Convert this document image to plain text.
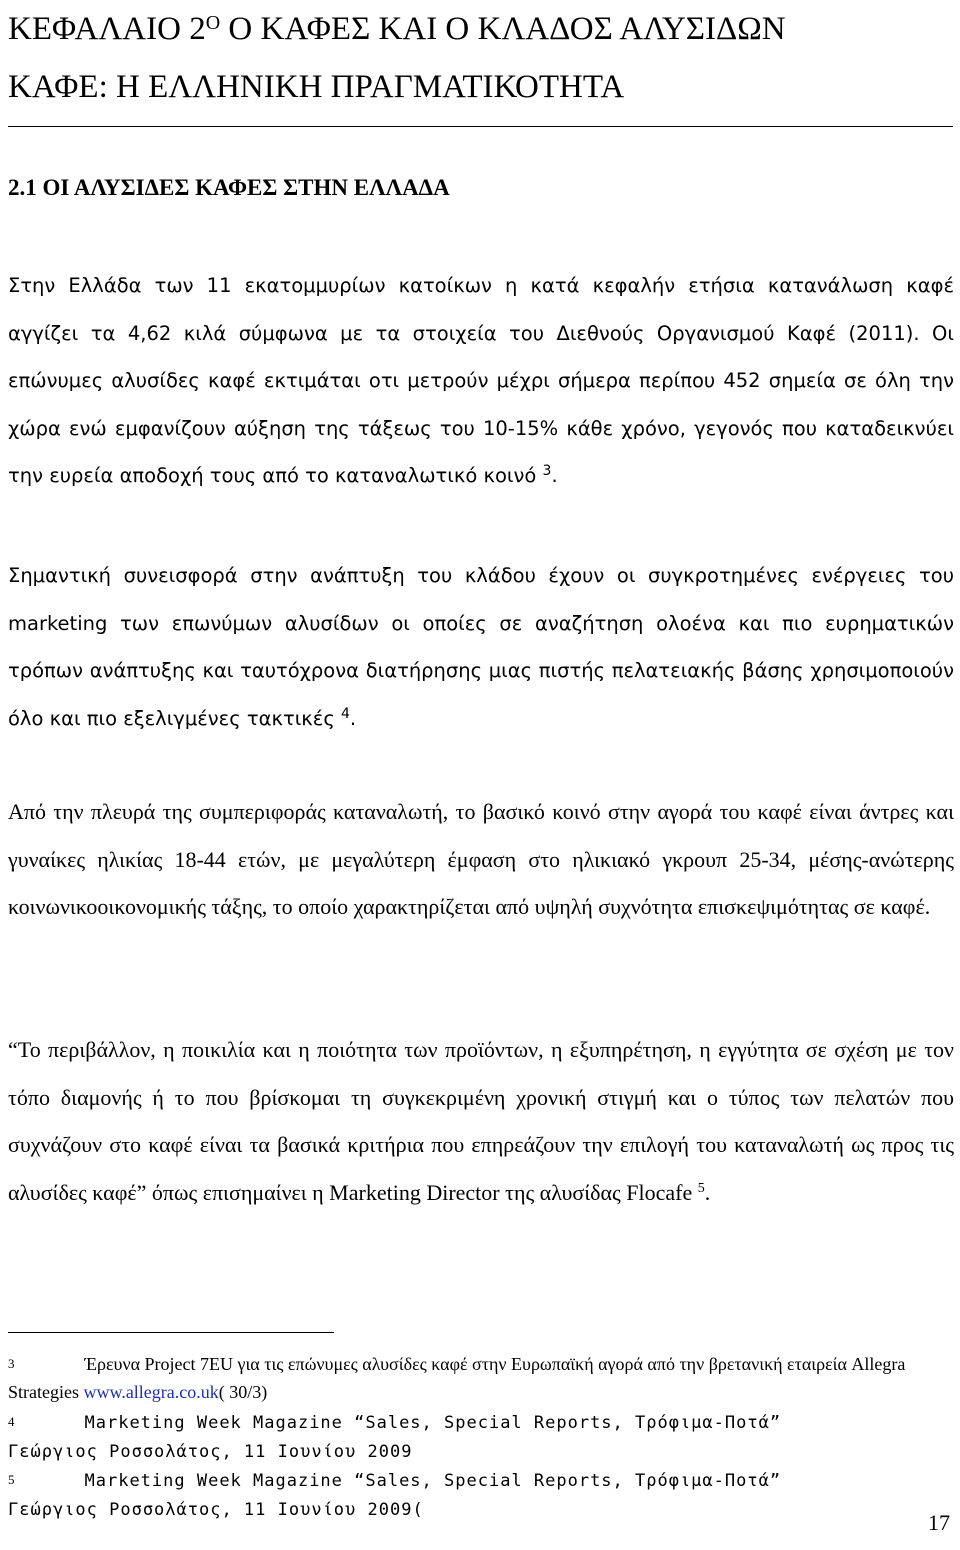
ΚΕΦΑΛΑΙΟ $2^O$ Ο ΚΑΦΕΣ ΚΑΙ Ο ΚΛΑΔΟΣ ΑΛΥΣΙΔΩΝ
ΚΑΦΕ: Η ΕΛΛΗΝΙΚΗ ΠΡΑΓΜΑΤΙΚΟΤΗΤΑ
2.1 ΟΙ ΑΛΥΣΙΔΕΣ ΚΑΦΕΣ ΣΤΗΝ ΕΛΛΑΔΑ

Στην Ελλάδα των 11 εκατομμυρίων κατοίκων η κατά κεφαλήν ετήσια κατανάλωση καφέ αγγίζει τα 4,62 κιλά σύμφωνα με τα στοιχεία του Διεθνούς Οργανισμού Καφέ (2011). Οι επώνυμες αλυσίδες καφέ εκτιμάται οτι μετρούν μέχρι σήμερα περίπου 452 σημεία σε όλη την χώρα ενώ εμφανίζουν αύξηση της τάξεως του 10-15% κάθε χρόνο, γεγονός που καταδεικνύει την ευρεία αποδοχή τους από το καταναλωτικό κοινό $^3$.

Σημαντική συνεισφορά στην ανάπτυξη του κλάδου έχουν οι συγκροτημένες ενέργειες του marketing των επωνύμων αλυσίδων οι οποίες σε αναζήτηση ολοένα και πιο ευρηματικών τρόπων ανάπτυξης και ταυτόχρονα διατήρησης μιας πιστής πελατειακής βάσης χρησιμοποιούν όλο και πιο εξελιγμένες τακτικές $^4$.

Από την πλευρά της συμπεριφοράς καταναλωτή, το βασικό κοινό στην αγορά του καφέ είναι άντρες και γυναίκες ηλικίας 18-44 ετών, με μεγαλύτερη έμφαση στο ηλικιακό γκρουπ 25-34, μέσης-ανώτερης κοινωνικοοικονομικής τάξης, το οποίο χαρακτηρίζεται από υψηλή συχνότητα επισκεψιμότητας σε καφέ.

“Το περιβάλλον, η ποικιλία και η ποιότητα των προϊόντων, η εξυπηρέτηση, η εγγύτητα σε σχέση με τον τόπο διαμονής ή το που βρίσκομαι τη συγκεκριμένη χρονική στιγμή και ο τύπος των πελατών που συχνάζουν στο καφέ είναι τα βασικά κριτήρια που επηρεάζουν την επιλογή του καταναλωτή ως προς τις αλυσίδες καφέ” όπως επισημαίνει η Marketing Director της αλυσίδας Flocafe $^5$.

$^3$	Έρευνα Project 7EU για τις επώνυμες αλυσίδες καφέ στην Ευρωπαϊκή αγορά από την βρετανική εταιρεία Allegra Strategies www.allegra.co.uk( 30/3)

$^4$	Marketing Week Magazine “Sales, Special Reports, Τρόφιμα-Ποτά”
Γεώργιος Ροσσολάτος, 11 Ιουνίου 2009

$^5$	Marketing Week Magazine “Sales, Special Reports, Τρόφιμα-Ποτά”
Γεώργιος Ροσσολάτος, 11 Ιουνίου 2009(	17
